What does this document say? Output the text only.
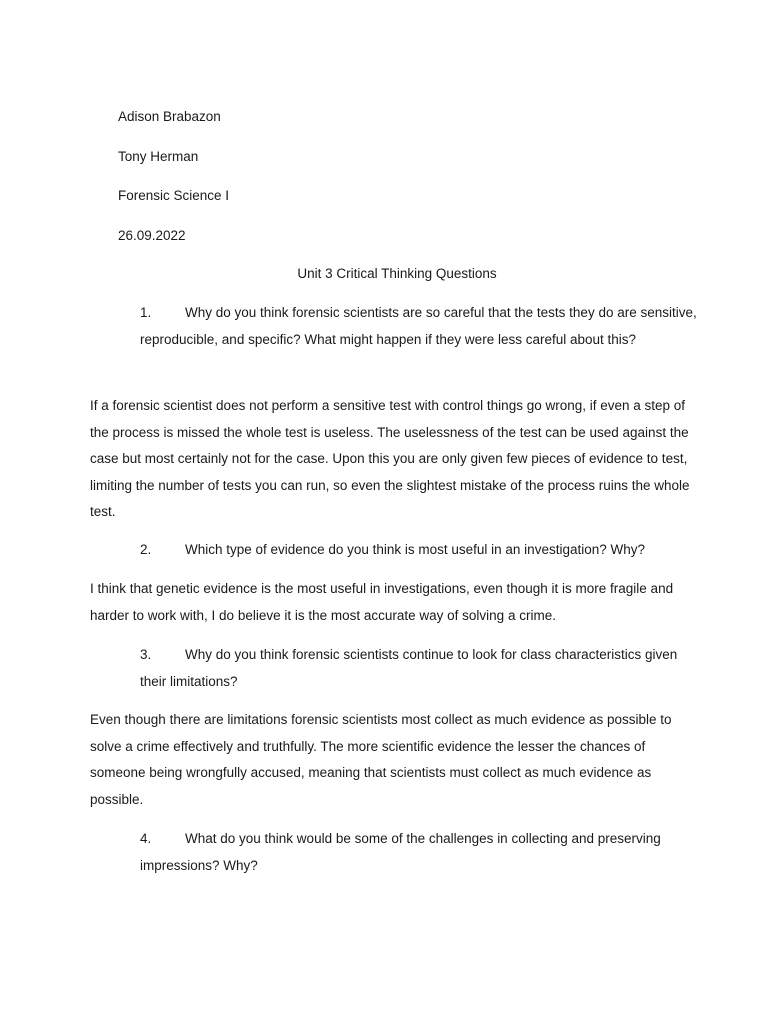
Adison Brabazon
Tony Herman
Forensic Science I
26.09.2022
Unit 3 Critical Thinking Questions
1.	Why do you think forensic scientists are so careful that the tests they do are sensitive, reproducible, and specific? What might happen if they were less careful about this?
If a forensic scientist does not perform a sensitive test with control things go wrong, if even a step of the process is missed the whole test is useless. The uselessness of the test can be used against the case but most certainly not for the case. Upon this you are only given few pieces of evidence to test, limiting the number of tests you can run, so even the slightest mistake of the process ruins the whole test.
2.	Which type of evidence do you think is most useful in an investigation? Why?
I think that genetic evidence is the most useful in investigations, even though it is more fragile and harder to work with, I do believe it is the most accurate way of solving a crime.
3.	Why do you think forensic scientists continue to look for class characteristics given their limitations?
Even though there are limitations forensic scientists most collect as much evidence as possible to solve a crime effectively and truthfully. The more scientific evidence the lesser the chances of someone being wrongfully accused, meaning that scientists must collect as much evidence as possible.
4.	What do you think would be some of the challenges in collecting and preserving impressions? Why?
